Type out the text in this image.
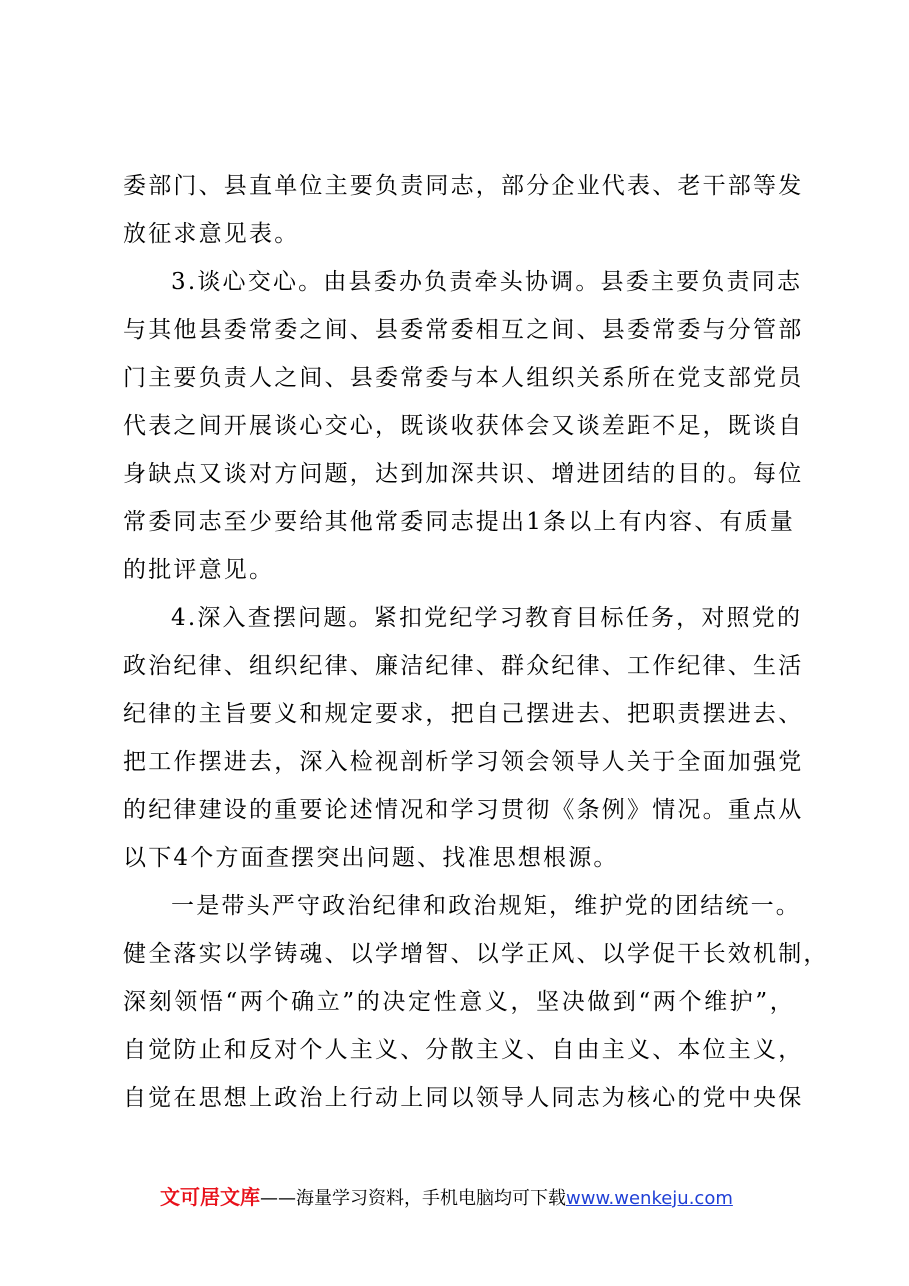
委部门、县直单位主要负责同志，部分企业代表、老干部等发
放征求意见表。
3.谈心交心。由县委办负责牵头协调。县委主要负责同志
与其他县委常委之间、县委常委相互之间、县委常委与分管部
门主要负责人之间、县委常委与本人组织关系所在党支部党员
代表之间开展谈心交心，既谈收获体会又谈差距不足，既谈自
身缺点又谈对方问题，达到加深共识、增进团结的目的。每位
常委同志至少要给其他常委同志提出1条以上有内容、有质量
的批评意见。
4.深入查摆问题。紧扣党纪学习教育目标任务，对照党的
政治纪律、组织纪律、廉洁纪律、群众纪律、工作纪律、生活
纪律的主旨要义和规定要求，把自己摆进去、把职责摆进去、
把工作摆进去，深入检视剖析学习领会领导人关于全面加强党
的纪律建设的重要论述情况和学习贯彻《条例》情况。重点从
以下4个方面查摆突出问题、找准思想根源。
一是带头严守政治纪律和政治规矩，维护党的团结统一。
健全落实以学铸魂、以学增智、以学正风、以学促干长效机制，
深刻领悟“两个确立”的决定性意义，坚决做到“两个维护”，
自觉防止和反对个人主义、分散主义、自由主义、本位主义，
自觉在思想上政治上行动上同以领导人同志为核心的党中央保
文可居文库——海量学习资料，手机电脑均可下载www.wenkeju.com
